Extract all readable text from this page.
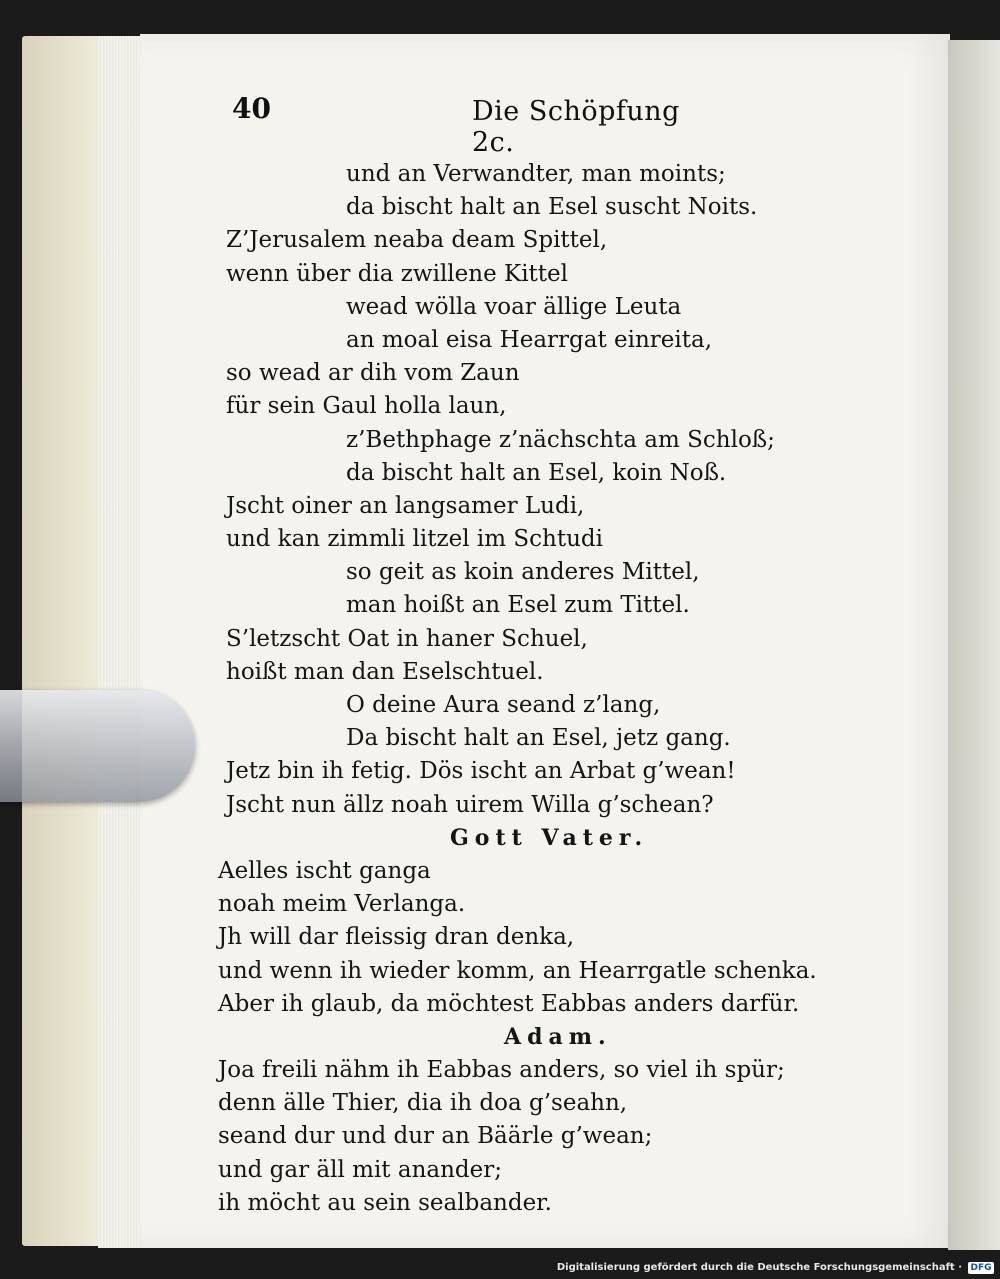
40	Die Schöpfung 2c.
und an Verwandter, man moints;
da bischt halt an Esel suscht Noits.
Z’Jerusalem neaba deam Spittel,
wenn über dia zwillene Kittel
wead wölla voar ällige Leuta
an moal eisa Hearrgat einreita,
so wead ar dih vom Zaun
für sein Gaul holla laun,
z’Bethphage z’nächschta am Schloß;
da bischt halt an Esel, koin Noß.
Jscht oiner an langsamer Ludi,
und kan zimmli litzel im Schtudi
so geit as koin anderes Mittel,
man hoißt an Esel zum Tittel.
S’letzscht Oat in haner Schuel,
hoißt man dan Eselschtuel.
O deine Aura seand z’lang,
Da bischt halt an Esel, jetz gang.
Jetz bin ih fetig. Dös ischt an Arbat g’wean!
Jscht nun ällz noah uirem Willa g’schean?
Gott Vater.
Aelles ischt ganga
noah meim Verlanga.
Jh will dar fleissig dran denka,
und wenn ih wieder komm, an Hearrgatle schenka.
Aber ih glaub, da möchtest Eabbas anders darfür.
Adam.
Joa freili nähm ih Eabbas anders, so viel ih spür;
denn älle Thier, dia ih doa g’seahn,
seand dur und dur an Bäärle g’wean;
und gar äll mit anander;
ih möcht au sein sealbander.
Digitalisierung gefördert durch die Deutsche Forschungsgemeinschaft · DFG
